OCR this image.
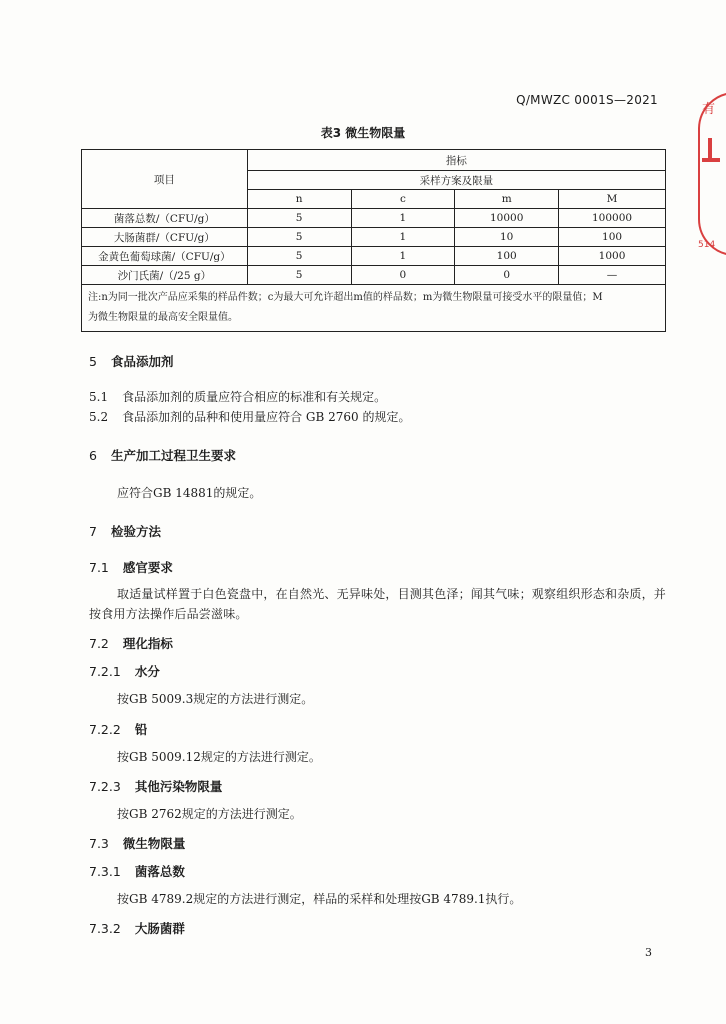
Q/MWZC 0001S—2021
有
514
表3 微生物限量
项目	指标			
	采样方案及限量			
	n	c	m	M
菌落总数/（CFU/g）	5	1	10000	100000
大肠菌群/（CFU/g）	5	1	10	100
金黄色葡萄球菌/（CFU/g）	5	1	100	1000
沙门氏菌/（/25 g）	5	0	0	—
注:n为同一批次产品应采集的样品件数；c为最大可允许超出m值的样品数；m为微生物限量可接受水平的限量值；M
为微生物限量的最高安全限量值。				
5 食品添加剂
5.1 食品添加剂的质量应符合相应的标准和有关规定。
5.2 食品添加剂的品种和使用量应符合 GB 2760 的规定。
6 生产加工过程卫生要求
应符合GB 14881的规定。
7 检验方法
7.1 感官要求
取适量试样置于白色瓷盘中，在自然光、无异味处，目测其色泽；闻其气味；观察组织形态和杂质，并按食用方法操作后品尝滋味。
7.2 理化指标
7.2.1 水分
按GB 5009.3规定的方法进行测定。
7.2.2 铅
按GB 5009.12规定的方法进行测定。
7.2.3 其他污染物限量
按GB 2762规定的方法进行测定。
7.3 微生物限量
7.3.1 菌落总数
按GB 4789.2规定的方法进行测定，样品的采样和处理按GB 4789.1执行。
7.3.2 大肠菌群
3
